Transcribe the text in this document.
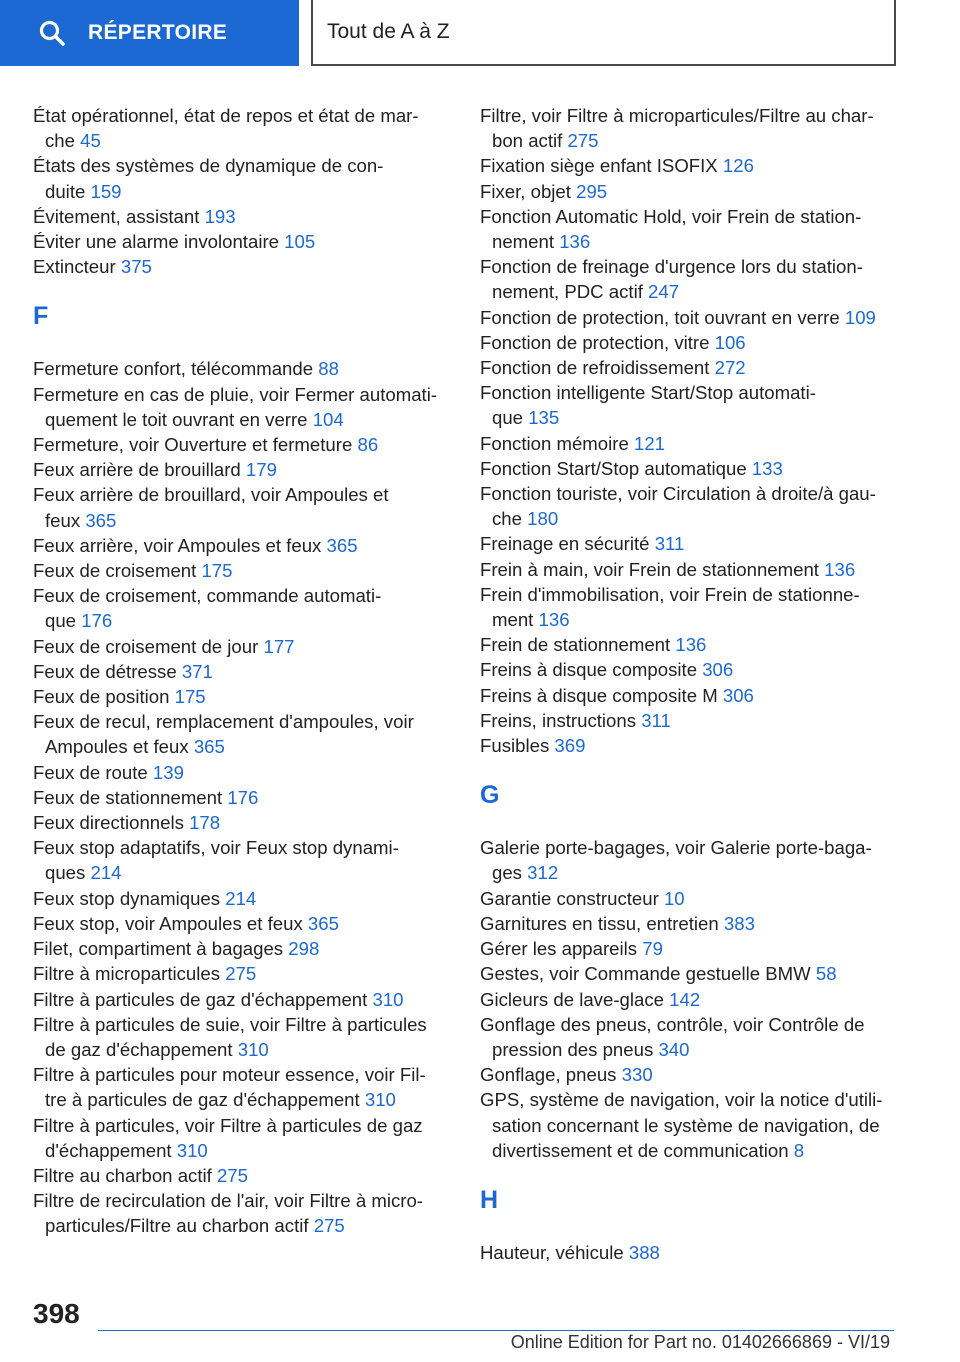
RÉPERTOIRE	Tout de A à Z
État opérationnel, état de repos et état de mar-
che 45
États des systèmes de dynamique de con-
duite 159
Évitement, assistant 193
Éviter une alarme involontaire 105
Extincteur 375
F
Fermeture confort, télécommande 88
Fermeture en cas de pluie, voir Fermer automati-
quement le toit ouvrant en verre 104
Fermeture, voir Ouverture et fermeture 86
Feux arrière de brouillard 179
Feux arrière de brouillard, voir Ampoules et
feux 365
Feux arrière, voir Ampoules et feux 365
Feux de croisement 175
Feux de croisement, commande automati-
que 176
Feux de croisement de jour 177
Feux de détresse 371
Feux de position 175
Feux de recul, remplacement d'ampoules, voir
Ampoules et feux 365
Feux de route 139
Feux de stationnement 176
Feux directionnels 178
Feux stop adaptatifs, voir Feux stop dynami-
ques 214
Feux stop dynamiques 214
Feux stop, voir Ampoules et feux 365
Filet, compartiment à bagages 298
Filtre à microparticules 275
Filtre à particules de gaz d'échappement 310
Filtre à particules de suie, voir Filtre à particules
de gaz d'échappement 310
Filtre à particules pour moteur essence, voir Fil-
tre à particules de gaz d'échappement 310
Filtre à particules, voir Filtre à particules de gaz
d'échappement 310
Filtre au charbon actif 275
Filtre de recirculation de l'air, voir Filtre à micro-
particules/Filtre au charbon actif 275
Filtre, voir Filtre à microparticules/Filtre au char-
bon actif 275
Fixation siège enfant ISOFIX 126
Fixer, objet 295
Fonction Automatic Hold, voir Frein de station-
nement 136
Fonction de freinage d'urgence lors du station-
nement, PDC actif 247
Fonction de protection, toit ouvrant en verre 109
Fonction de protection, vitre 106
Fonction de refroidissement 272
Fonction intelligente Start/Stop automati-
que 135
Fonction mémoire 121
Fonction Start/Stop automatique 133
Fonction touriste, voir Circulation à droite/à gau-
che 180
Freinage en sécurité 311
Frein à main, voir Frein de stationnement 136
Frein d'immobilisation, voir Frein de stationne-
ment 136
Frein de stationnement 136
Freins à disque composite 306
Freins à disque composite M 306
Freins, instructions 311
Fusibles 369
G
Galerie porte-bagages, voir Galerie porte-baga-
ges 312
Garantie constructeur 10
Garnitures en tissu, entretien 383
Gérer les appareils 79
Gestes, voir Commande gestuelle BMW 58
Gicleurs de lave-glace 142
Gonflage des pneus, contrôle, voir Contrôle de
pression des pneus 340
Gonflage, pneus 330
GPS, système de navigation, voir la notice d'utili-
sation concernant le système de navigation, de
divertissement et de communication 8
H
Hauteur, véhicule 388
398
Online Edition for Part no. 01402666869 - VI/19
